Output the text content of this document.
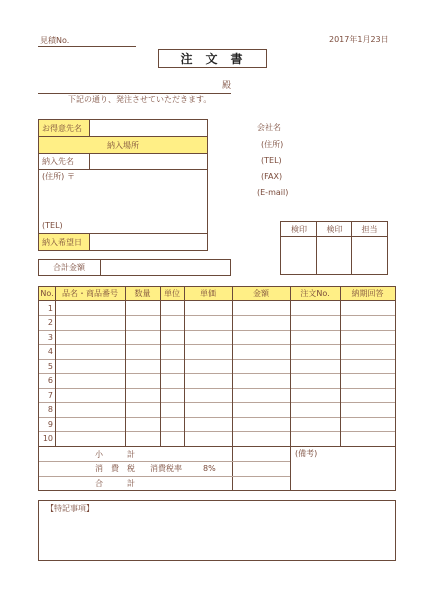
見積No.	2017年1月23日
注 文 書
殿
下記の通り、発注させていただきます。
お得意先名
納入場所
納入先名
(住所) 〒
(TEL)
納入希望日
会社名
(住所)
(TEL)
(FAX)
(E-mail)
検印	検印	担当
合計金額
No.	品名・商品番号	数量	単位	単価	金額	注文No.	納期回答
1
2
3
4
5
6
7
8
9
10
小　　　計
消　費　税	消費税率	8%
合　　　計
(備考)
【特記事項】
